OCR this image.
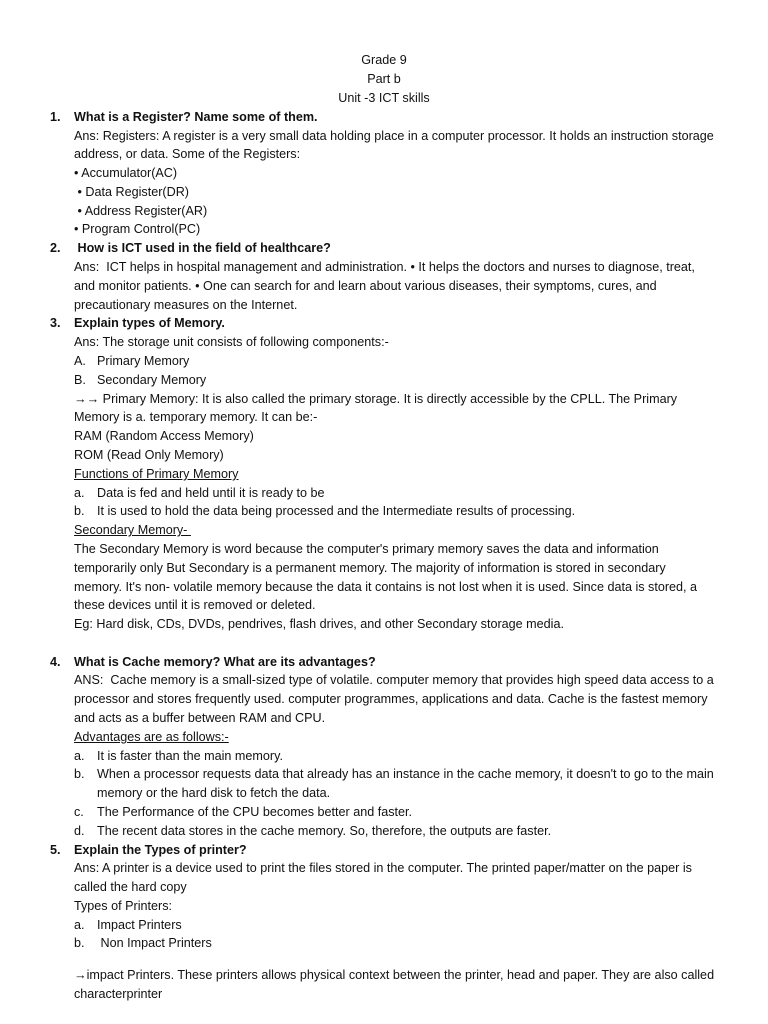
Grade 9
Part b
Unit -3 ICT skills
1. What is a Register? Name some of them.
Ans: Registers: A register is a very small data holding place in a computer processor. It holds an instruction storage
address, or data. Some of the Registers:
• Accumulator(AC)
• Data Register(DR)
• Address Register(AR)
• Program Control(PC)
2. How is ICT used in the field of healthcare?
Ans:  ICT helps in hospital management and administration. • It helps the doctors and nurses to diagnose, treat,
and monitor patients. • One can search for and learn about various diseases, their symptoms, cures, and
precautionary measures on the Internet.
3. Explain types of Memory.
Ans: The storage unit consists of following components:-
A. Primary Memory
B. Secondary Memory
→→ Primary Memory: It is also called the primary storage. It is directly accessible by the CPLL. The Primary
Memory is a. temporary memory. It can be:-
RAM (Random Access Memory)
ROM (Read Only Memory)
Functions of Primary Memory
a. Data is fed and held until it is ready to be
b. It is used to hold the data being processed and the Intermediate results of processing.
Secondary Memory-
The Secondary Memory is word because the computer's primary memory saves the data and information
temporarily only But Secondary is a permanent memory. The majority of information is stored in secondary
memory. It's non- volatile memory because the data it contains is not lost when it is used. Since data is stored, a
these devices until it is removed or deleted.
Eg: Hard disk, CDs, DVDs, pendrives, flash drives, and other Secondary storage media.
4. What is Cache memory? What are its advantages?
ANS:  Cache memory is a small-sized type of volatile. computer memory that provides high speed data access to a
processor and stores frequently used. computer programmes, applications and data. Cache is the fastest memory
and acts as a buffer between RAM and CPU.
Advantages are as follows:-
a. It is faster than the main memory.
b. When a processor requests data that already has an instance in the cache memory, it doesn't to go to the main
memory or the hard disk to fetch the data.
c. The Performance of the CPU becomes better and faster.
d. The recent data stores in the cache memory. So, therefore, the outputs are faster.
5. Explain the Types of printer?
Ans: A printer is a device used to print the files stored in the computer. The printed paper/matter on the paper is
called the hard copy
Types of Printers:
a. Impact Printers
b. Non Impact Printers
→impact Printers. These printers allows physical context between the printer, head and paper. They are also called
characterprinter
